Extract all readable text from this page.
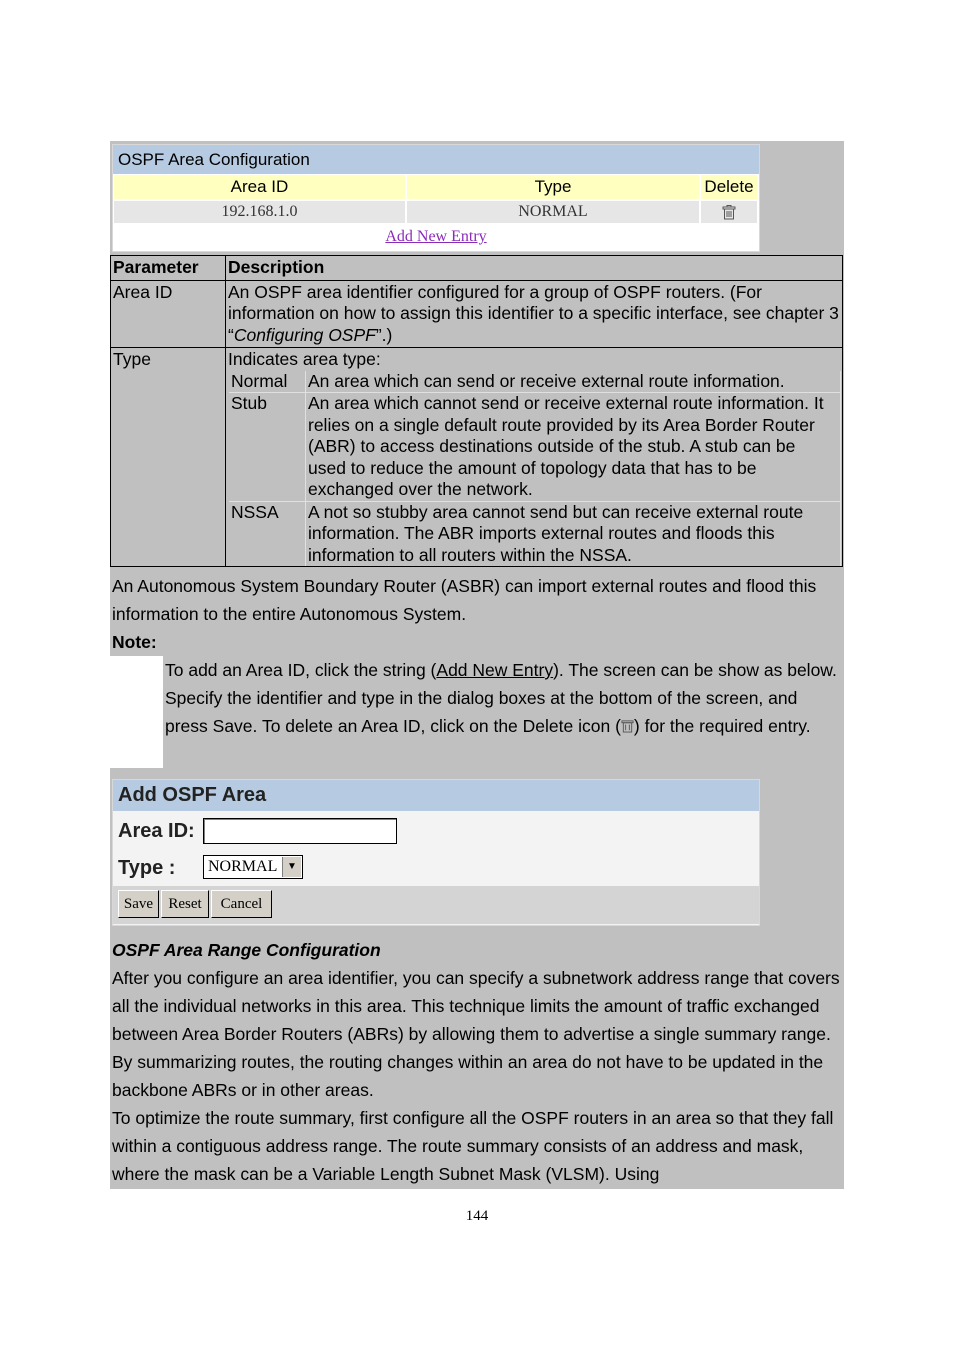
OSPF Area Configuration
Area ID	Type	Delete
192.168.1.0	NORMAL
Add New Entry
Parameter	Description
Area ID	An OSPF area identifier configured for a group of OSPF routers. (For information on how to assign this identifier to a specific interface, see chapter 3 “Configuring OSPF”.)
Type	Indicates area type:
Normal	An area which can send or receive external route information.
Stub	An area which cannot send or receive external route information. It relies on a single default route provided by its Area Border Router (ABR) to access destinations outside of the stub. A stub can be used to reduce the amount of topology data that has to be exchanged over the network.
NSSA	A not so stubby area cannot send but can receive external route information. The ABR imports external routes and floods this information to all routers within the NSSA.
An Autonomous System Boundary Router (ASBR) can import external routes and flood this information to the entire Autonomous System.
Note:
To add an Area ID, click the string (Add New Entry). The screen can be show as below. Specify the identifier and type in the dialog boxes at the bottom of the screen, and press Save. To delete an Area ID, click on the Delete icon ( ) for the required entry.
Add OSPF Area
Area ID:
Type :	NORMAL ▼
Save	Reset	Cancel
OSPF Area Range Configuration
After you configure an area identifier, you can specify a subnetwork address range that covers all the individual networks in this area. This technique limits the amount of traffic exchanged between Area Border Routers (ABRs) by allowing them to advertise a single summary range. By summarizing routes, the routing changes within an area do not have to be updated in the backbone ABRs or in other areas.
To optimize the route summary, first configure all the OSPF routers in an area so that they fall within a contiguous address range. The route summary consists of an address and mask, where the mask can be a Variable Length Subnet Mask (VLSM). Using
144
